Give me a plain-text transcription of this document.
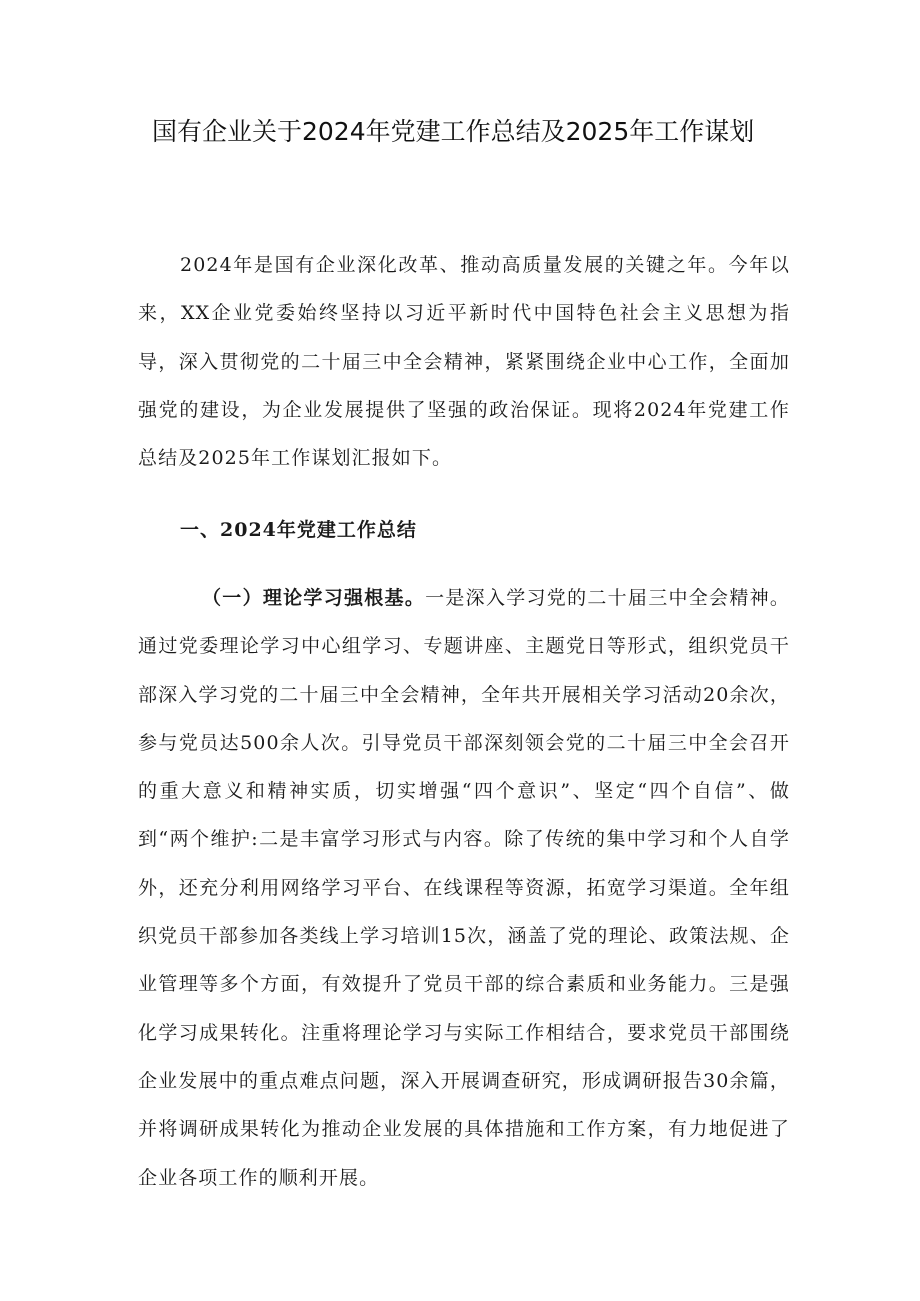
国有企业关于2024年党建工作总结及2025年工作谋划

2024年是国有企业深化改革、推动高质量发展的关键之年。今年以来，XX企业党委始终坚持以习近平新时代中国特色社会主义思想为指导，深入贯彻党的二十届三中全会精神，紧紧围绕企业中心工作，全面加强党的建设，为企业发展提供了坚强的政治保证。现将2024年党建工作总结及2025年工作谋划汇报如下。

一、2024年党建工作总结

（一）理论学习强根基。一是深入学习党的二十届三中全会精神。通过党委理论学习中心组学习、专题讲座、主题党日等形式，组织党员干部深入学习党的二十届三中全会精神，全年共开展相关学习活动20余次，参与党员达500余人次。引导党员干部深刻领会党的二十届三中全会召开的重大意义和精神实质，切实增强“四个意识”、坚定“四个自信”、做到“两个维护:二是丰富学习形式与内容。除了传统的集中学习和个人自学外，还充分利用网络学习平台、在线课程等资源，拓宽学习渠道。全年组织党员干部参加各类线上学习培训15次，涵盖了党的理论、政策法规、企业管理等多个方面，有效提升了党员干部的综合素质和业务能力。三是强化学习成果转化。注重将理论学习与实际工作相结合，要求党员干部围绕企业发展中的重点难点问题，深入开展调查研究，形成调研报告30余篇，并将调研成果转化为推动企业发展的具体措施和工作方案，有力地促进了企业各项工作的顺利开展。
